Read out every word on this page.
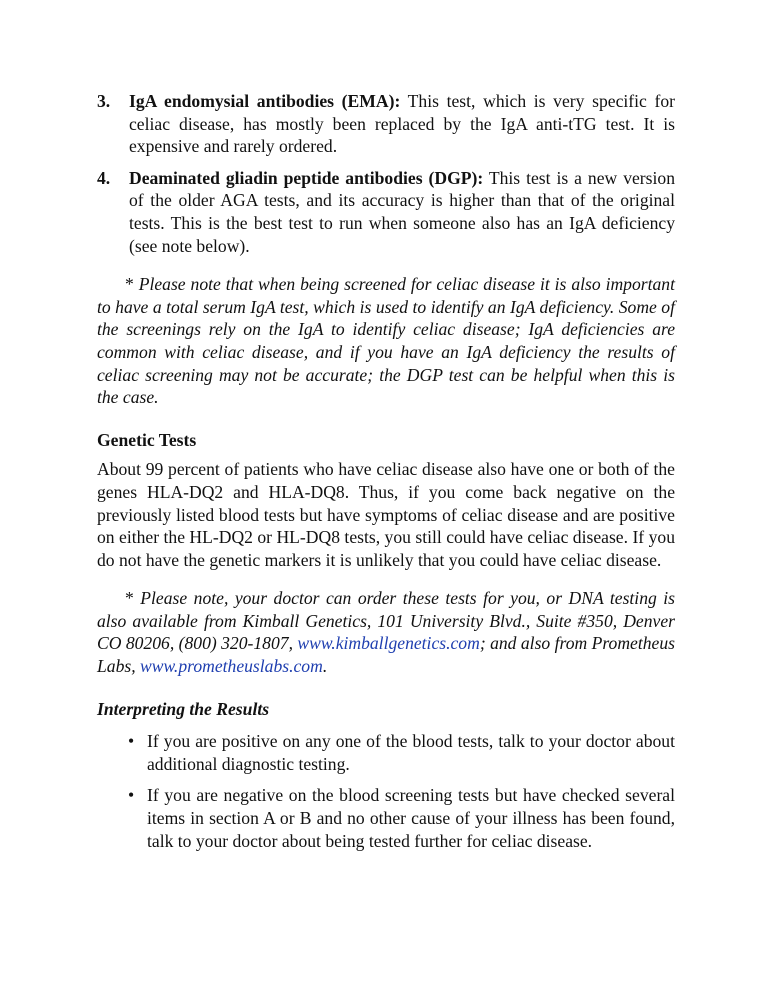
3.	IgA endomysial antibodies (EMA): This test, which is very specific for celiac disease, has mostly been replaced by the IgA anti-tTG test. It is expensive and rarely ordered.
4.	Deaminated gliadin peptide antibodies (DGP): This test is a new version of the older AGA tests, and its accuracy is higher than that of the original tests. This is the best test to run when someone also has an IgA deficiency (see note below).

* Please note that when being screened for celiac disease it is also important to have a total serum IgA test, which is used to identify an IgA deficiency. Some of the screenings rely on the IgA to identify celiac disease; IgA deficiencies are common with celiac disease, and if you have an IgA deficiency the results of celiac screening may not be accurate; the DGP test can be helpful when this is the case.

Genetic Tests

About 99 percent of patients who have celiac disease also have one or both of the genes HLA-DQ2 and HLA-DQ8. Thus, if you come back negative on the previously listed blood tests but have symptoms of celiac disease and are positive on either the HL-DQ2 or HL-DQ8 tests, you still could have celiac disease. If you do not have the genetic markers it is unlikely that you could have celiac disease.

* Please note, your doctor can order these tests for you, or DNA testing is also available from Kimball Genetics, 101 University Blvd., Suite #350, Denver CO 80206, (800) 320-1807, www.kimballgenetics.com; and also from Prometheus Labs, www.prometheuslabs.com.

Interpreting the Results
• If you are positive on any one of the blood tests, talk to your doctor about additional diagnostic testing.
• If you are negative on the blood screening tests but have checked several items in section A or B and no other cause of your illness has been found, talk to your doctor about being tested further for celiac disease.
